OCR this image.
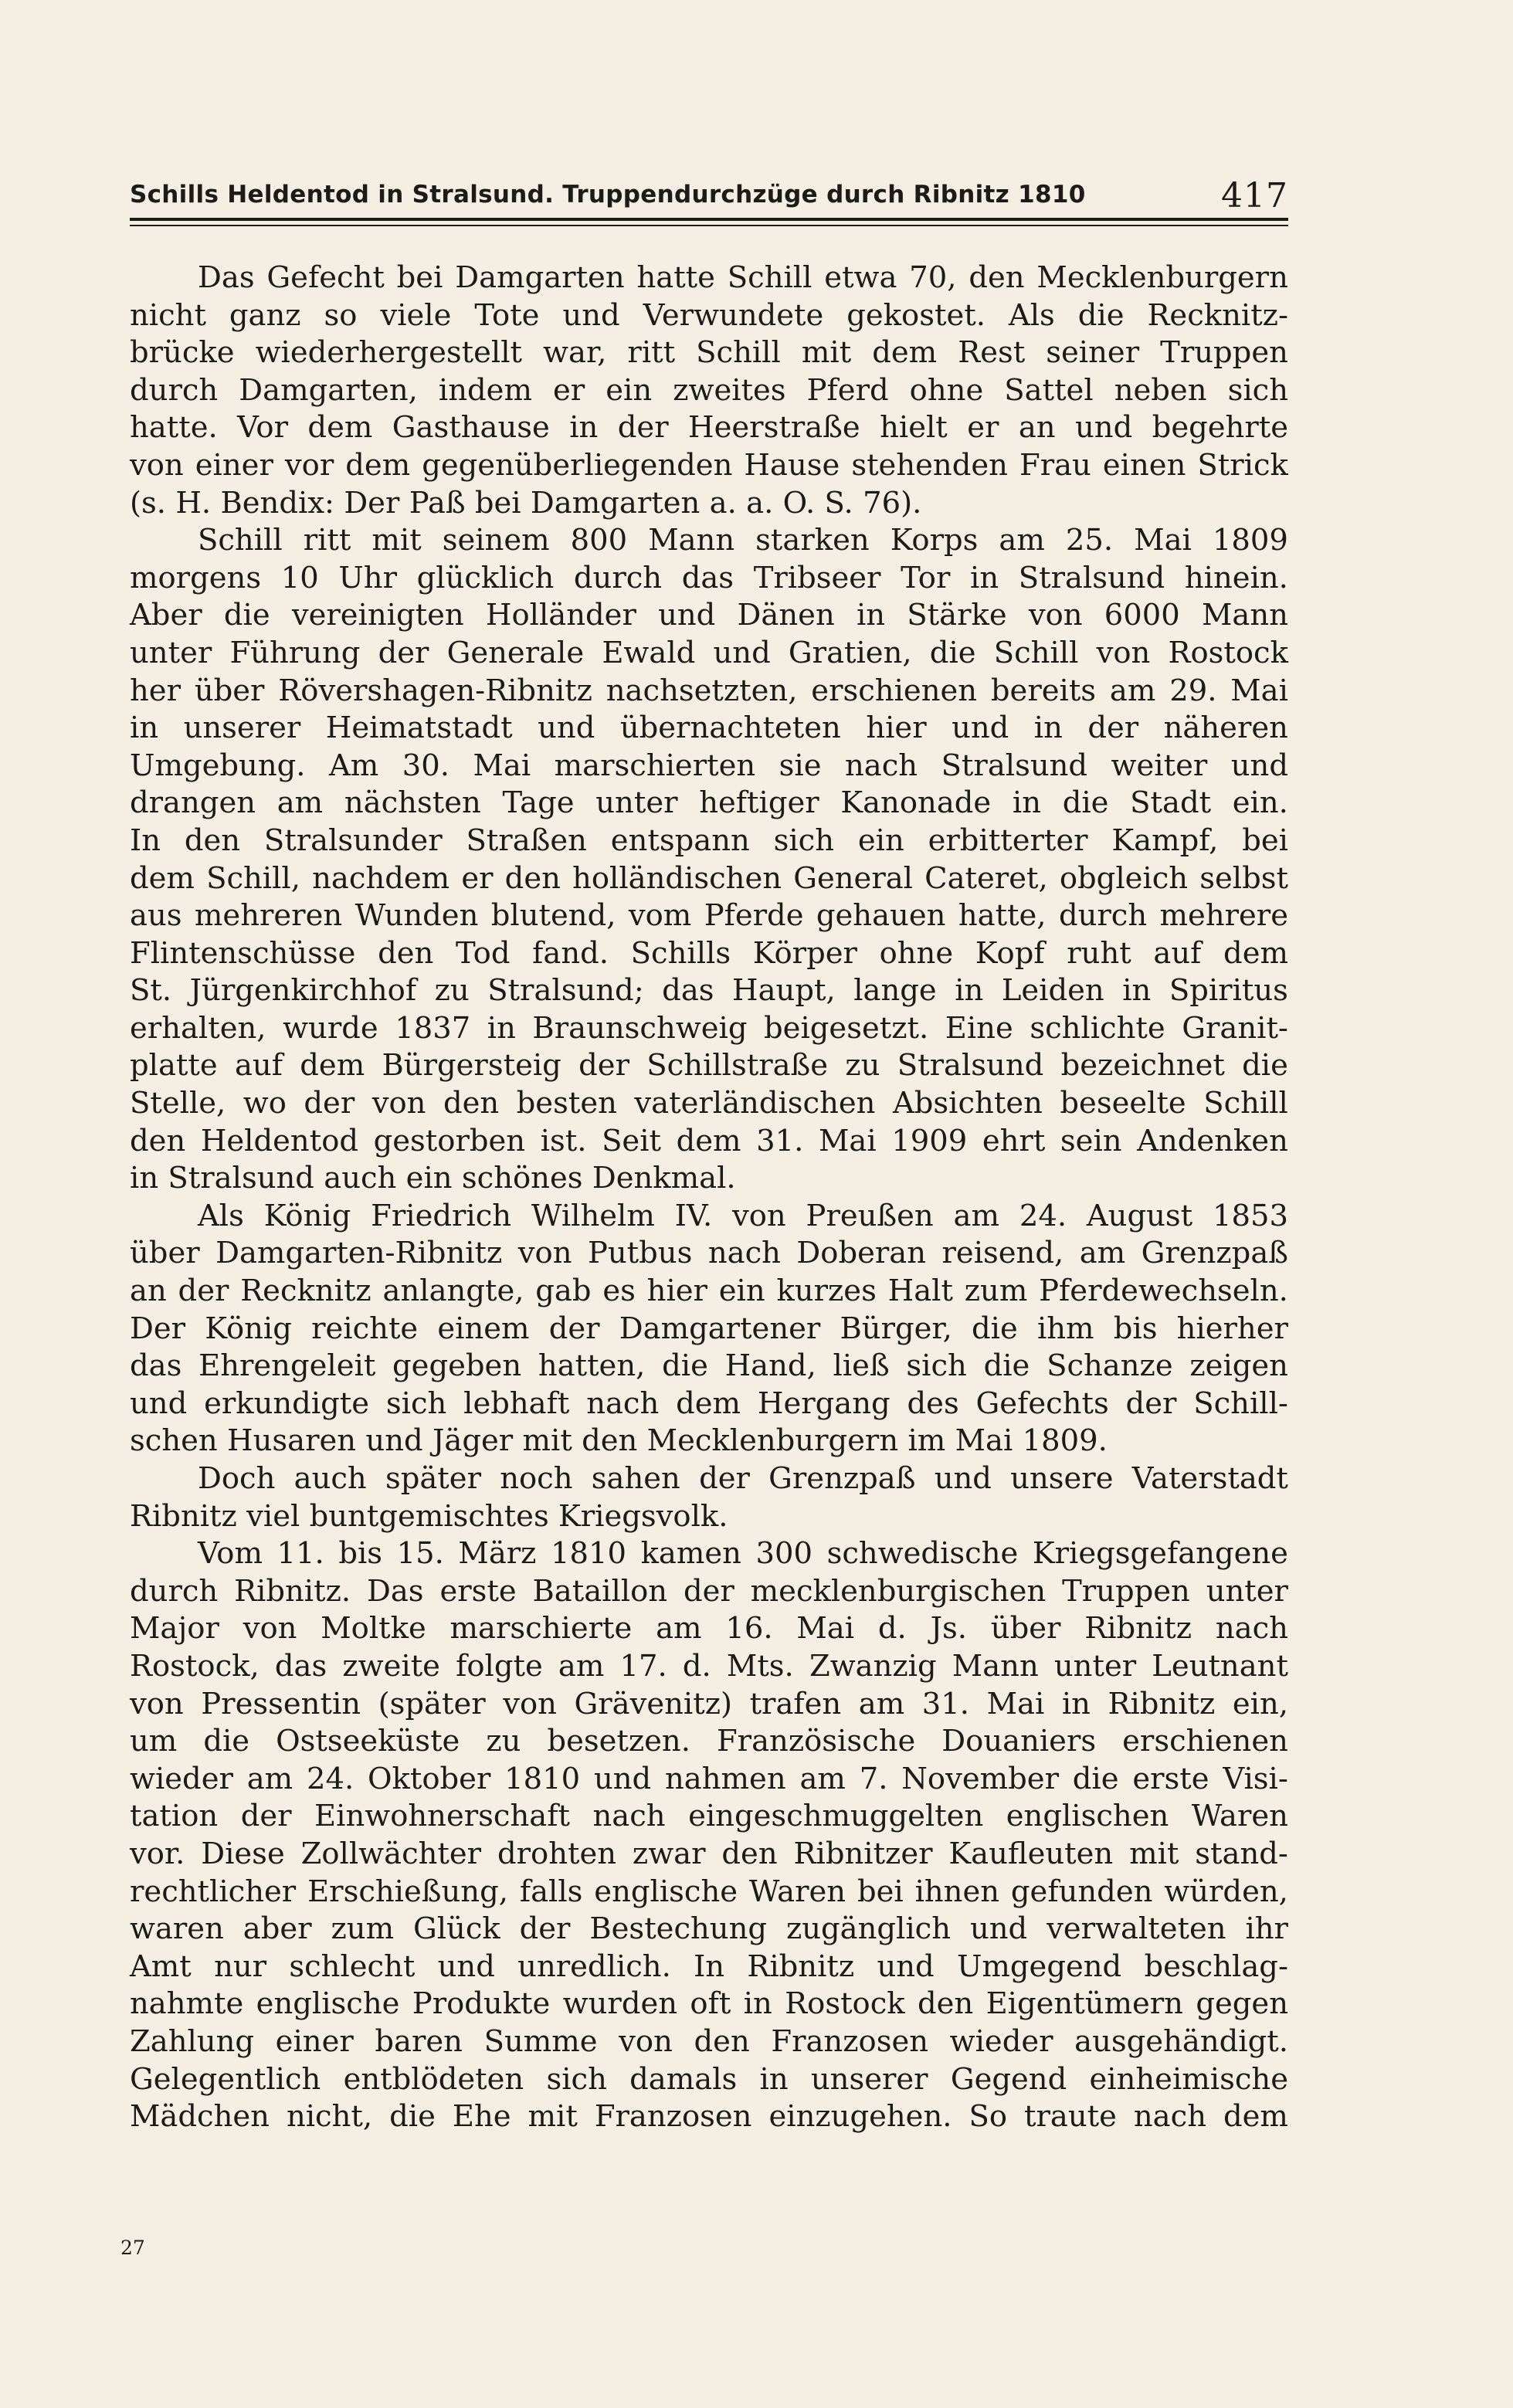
Schills Heldentod in Stralsund. Truppendurchzüge durch Ribnitz 1810	417
Das Gefecht bei Damgarten hatte Schill etwa 70, den Mecklenburgern
nicht ganz so viele Tote und Verwundete gekostet. Als die Recknitz-
brücke wiederhergestellt war, ritt Schill mit dem Rest seiner Truppen
durch Damgarten, indem er ein zweites Pferd ohne Sattel neben sich
hatte. Vor dem Gasthause in der Heerstraße hielt er an und begehrte
von einer vor dem gegenüberliegenden Hause stehenden Frau einen Strick
(s. H. Bendix: Der Paß bei Damgarten a. a. O. S. 76).
Schill ritt mit seinem 800 Mann starken Korps am 25. Mai 1809
morgens 10 Uhr glücklich durch das Tribseer Tor in Stralsund hinein.
Aber die vereinigten Holländer und Dänen in Stärke von 6000 Mann
unter Führung der Generale Ewald und Gratien, die Schill von Rostock
her über Rövershagen-Ribnitz nachsetzten, erschienen bereits am 29. Mai
in unserer Heimatstadt und übernachteten hier und in der näheren
Umgebung. Am 30. Mai marschierten sie nach Stralsund weiter und
drangen am nächsten Tage unter heftiger Kanonade in die Stadt ein.
In den Stralsunder Straßen entspann sich ein erbitterter Kampf, bei
dem Schill, nachdem er den holländischen General Cateret, obgleich selbst
aus mehreren Wunden blutend, vom Pferde gehauen hatte, durch mehrere
Flintenschüsse den Tod fand. Schills Körper ohne Kopf ruht auf dem
St. Jürgenkirchhof zu Stralsund; das Haupt, lange in Leiden in Spiritus
erhalten, wurde 1837 in Braunschweig beigesetzt. Eine schlichte Granit-
platte auf dem Bürgersteig der Schillstraße zu Stralsund bezeichnet die
Stelle, wo der von den besten vaterländischen Absichten beseelte Schill
den Heldentod gestorben ist. Seit dem 31. Mai 1909 ehrt sein Andenken
in Stralsund auch ein schönes Denkmal.
Als König Friedrich Wilhelm IV. von Preußen am 24. August 1853
über Damgarten-Ribnitz von Putbus nach Doberan reisend, am Grenzpaß
an der Recknitz anlangte, gab es hier ein kurzes Halt zum Pferdewechseln.
Der König reichte einem der Damgartener Bürger, die ihm bis hierher
das Ehrengeleit gegeben hatten, die Hand, ließ sich die Schanze zeigen
und erkundigte sich lebhaft nach dem Hergang des Gefechts der Schill-
schen Husaren und Jäger mit den Mecklenburgern im Mai 1809.
Doch auch später noch sahen der Grenzpaß und unsere Vaterstadt
Ribnitz viel buntgemischtes Kriegsvolk.
Vom 11. bis 15. März 1810 kamen 300 schwedische Kriegsgefangene
durch Ribnitz. Das erste Bataillon der mecklenburgischen Truppen unter
Major von Moltke marschierte am 16. Mai d. Js. über Ribnitz nach
Rostock, das zweite folgte am 17. d. Mts. Zwanzig Mann unter Leutnant
von Pressentin (später von Grävenitz) trafen am 31. Mai in Ribnitz ein,
um die Ostseeküste zu besetzen. Französische Douaniers erschienen
wieder am 24. Oktober 1810 und nahmen am 7. November die erste Visi-
tation der Einwohnerschaft nach eingeschmuggelten englischen Waren
vor. Diese Zollwächter drohten zwar den Ribnitzer Kaufleuten mit stand-
rechtlicher Erschießung, falls englische Waren bei ihnen gefunden würden,
waren aber zum Glück der Bestechung zugänglich und verwalteten ihr
Amt nur schlecht und unredlich. In Ribnitz und Umgegend beschlag-
nahmte englische Produkte wurden oft in Rostock den Eigentümern gegen
Zahlung einer baren Summe von den Franzosen wieder ausgehändigt.
Gelegentlich entblödeten sich damals in unserer Gegend einheimische
Mädchen nicht, die Ehe mit Franzosen einzugehen. So traute nach dem
27
